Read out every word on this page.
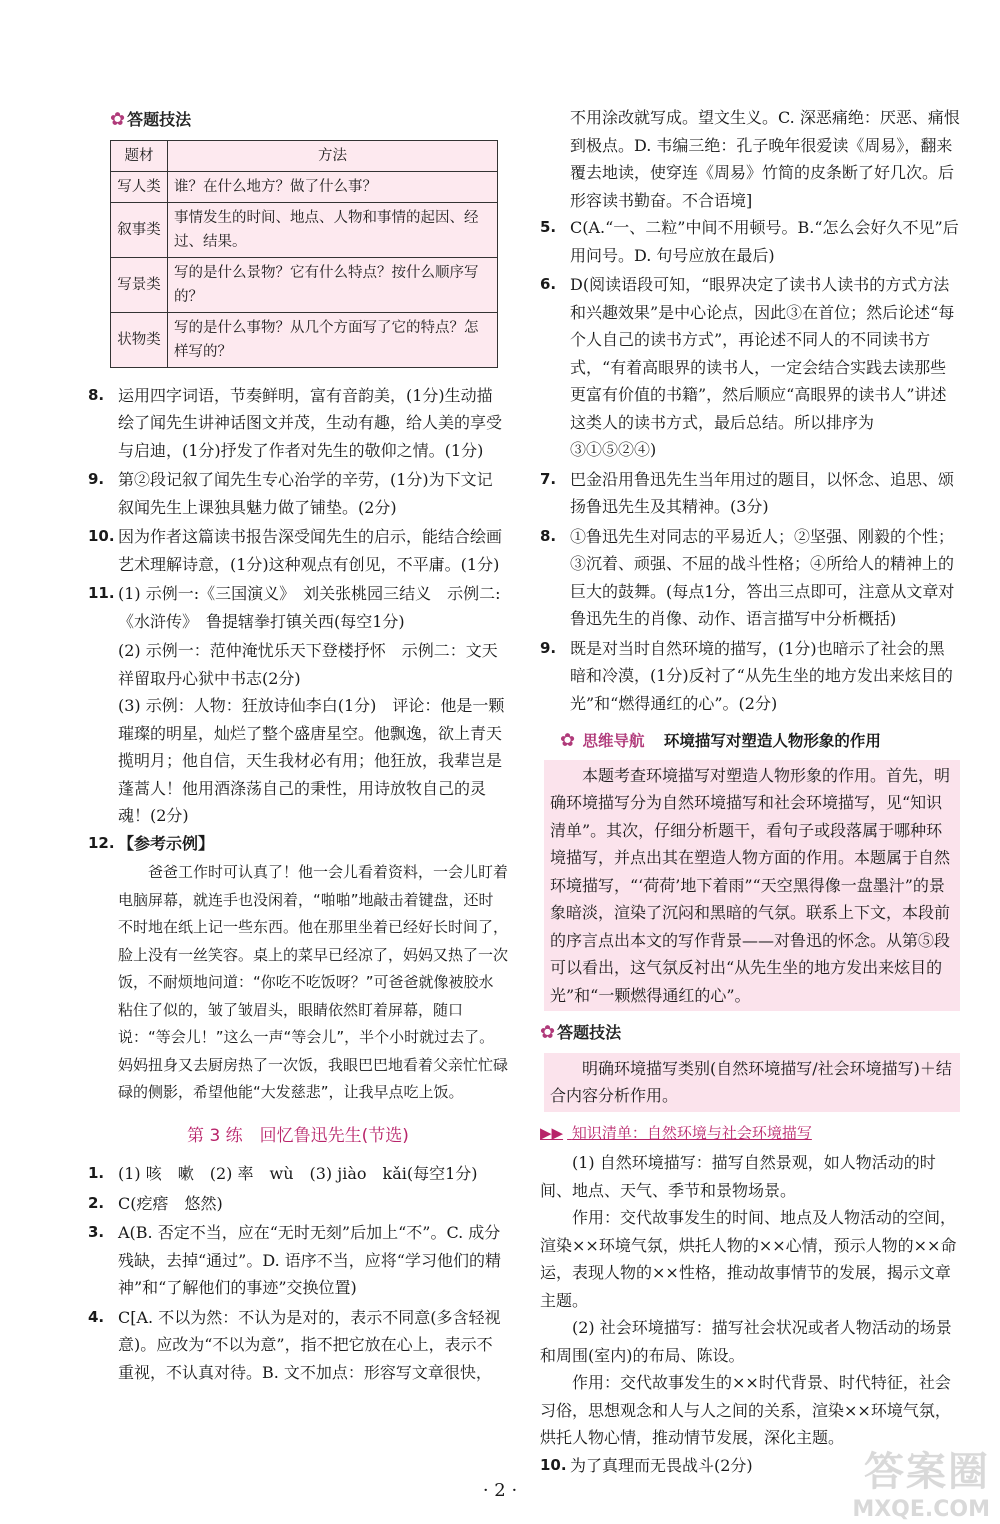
✿ 答题技法
题材	方法
写人类	谁？在什么地方？做了什么事？
叙事类	事情发生的时间、地点、人物和事情的起因、经过、结果。
写景类	写的是什么景物？它有什么特点？按什么顺序写的？
状物类	写的是什么事物？从几个方面写了它的特点？怎样写的？
8. 运用四字词语，节奏鲜明，富有音韵美，(1分)生动描绘了闻先生讲神话图文并茂，生动有趣，给人美的享受与启迪，(1分)抒发了作者对先生的敬仰之情。(1分)
9. 第②段记叙了闻先生专心治学的辛劳，(1分)为下文记叙闻先生上课独具魅力做了铺垫。(2分)
10. 因为作者这篇读书报告深受闻先生的启示，能结合绘画艺术理解诗意，(1分)这种观点有创见，不平庸。(1分)
11. (1) 示例一:《三国演义》　刘关张桃园三结义　示例二:《水浒传》　鲁提辖拳打镇关西(每空1分)
(2) 示例一：范仲淹忧乐天下登楼抒怀　示例二：文天祥留取丹心狱中书志(2分)
(3) 示例：人物：狂放诗仙李白(1分)　评论：他是一颗璀璨的明星，灿烂了整个盛唐星空。他飘逸，欲上青天揽明月；他自信，天生我材必有用；他狂放，我辈岂是蓬蒿人！他用酒涤荡自己的秉性，用诗放牧自己的灵魂！(2分)
12. 【参考示例】
爸爸工作时可认真了！他一会儿看着资料，一会儿盯着电脑屏幕，就连手也没闲着，“啪啪”地敲击着键盘，还时不时地在纸上记一些东西。他在那里坐着已经好长时间了，脸上没有一丝笑容。桌上的菜早已经凉了，妈妈又热了一次饭，不耐烦地问道：“你吃不吃饭呀？”可爸爸就像被胶水粘住了似的，皱了皱眉头，眼睛依然盯着屏幕，随口说：“等会儿！”这么一声“等会儿”，半个小时就过去了。妈妈扭身又去厨房热了一次饭，我眼巴巴地看着父亲忙忙碌碌的侧影，希望他能“大发慈悲”，让我早点吃上饭。
第 3 练　回忆鲁迅先生(节选)
1. (1) 咳　嗽　(2) 率　wù　(3) jiào　kǎi(每空1分)
2. C(疙瘩　悠然)
3. A(B. 否定不当，应在“无时无刻”后加上“不”。C. 成分残缺，去掉“通过”。D. 语序不当，应将“学习他们的精神”和“了解他们的事迹”交换位置)
4. C[A. 不以为然：不认为是对的，表示不同意(多含轻视意)。应改为“不以为意”，指不把它放在心上，表示不重视，不认真对待。B. 文不加点：形容写文章很快，
不用涂改就写成。望文生义。C. 深恶痛绝：厌恶、痛恨到极点。D. 韦编三绝：孔子晚年很爱读《周易》，翻来覆去地读，使穿连《周易》竹简的皮条断了好几次。后形容读书勤奋。不合语境]
5. C(A.“一、二粒”中间不用顿号。B.“怎么会好久不见”后用问号。D. 句号应放在最后)
6. D(阅读语段可知，“眼界决定了读书人读书的方式方法和兴趣效果”是中心论点，因此③在首位；然后论述“每个人自己的读书方式”，再论述不同人的不同读书方式，“有着高眼界的读书人，一定会结合实践去读那些更富有价值的书籍”，然后顺应“高眼界的读书人”讲述这类人的读书方式，最后总结。所以排序为③①⑤②④)
7. 巴金沿用鲁迅先生当年用过的题目，以怀念、追思、颂扬鲁迅先生及其精神。(3分)
8. ①鲁迅先生对同志的平易近人；②坚强、刚毅的个性；③沉着、顽强、不屈的战斗性格；④所给人的精神上的巨大的鼓舞。(每点1分，答出三点即可，注意从文章对鲁迅先生的肖像、动作、语言描写中分析概括)
9. 既是对当时自然环境的描写，(1分)也暗示了社会的黑暗和冷漠，(1分)反衬了“从先生坐的地方发出来炫目的光”和“燃得通红的心”。(2分)
✿ 思维导航 环境描写对塑造人物形象的作用

本题考查环境描写对塑造人物形象的作用。首先，明确环境描写分为自然环境描写和社会环境描写，见“知识清单”。其次，仔细分析题干，看句子或段落属于哪种环境描写，并点出其在塑造人物方面的作用。本题属于自然环境描写，“‘荷荷’地下着雨”“天空黑得像一盘墨汁”的景象暗淡，渲染了沉闷和黑暗的气氛。联系上下文，本段前的序言点出本文的写作背景——对鲁迅的怀念。从第⑤段可以看出，这气氛反衬出“从先生坐的地方发出来炫目的光”和“一颗燃得通红的心”。

✿ 答题技法

明确环境描写类别(自然环境描写/社会环境描写)＋结合内容分析作用。

▶▶ 知识清单：自然环境与社会环境描写
(1) 自然环境描写：描写自然景观，如人物活动的时间、地点、天气、季节和景物场景。
作用：交代故事发生的时间、地点及人物活动的空间，渲染××环境气氛，烘托人物的××心情，预示人物的××命运，表现人物的××性格，推动故事情节的发展，揭示文章主题。
(2) 社会环境描写：描写社会状况或者人物活动的场景和周围(室内)的布局、陈设。
作用：交代故事发生的××时代背景、时代特征，社会习俗，思想观念和人与人之间的关系，渲染××环境气氛，烘托人物心情，推动情节发展，深化主题。
10. 为了真理而无畏战斗(2分)
· 2 ·	答案圈
MXQE.COM
